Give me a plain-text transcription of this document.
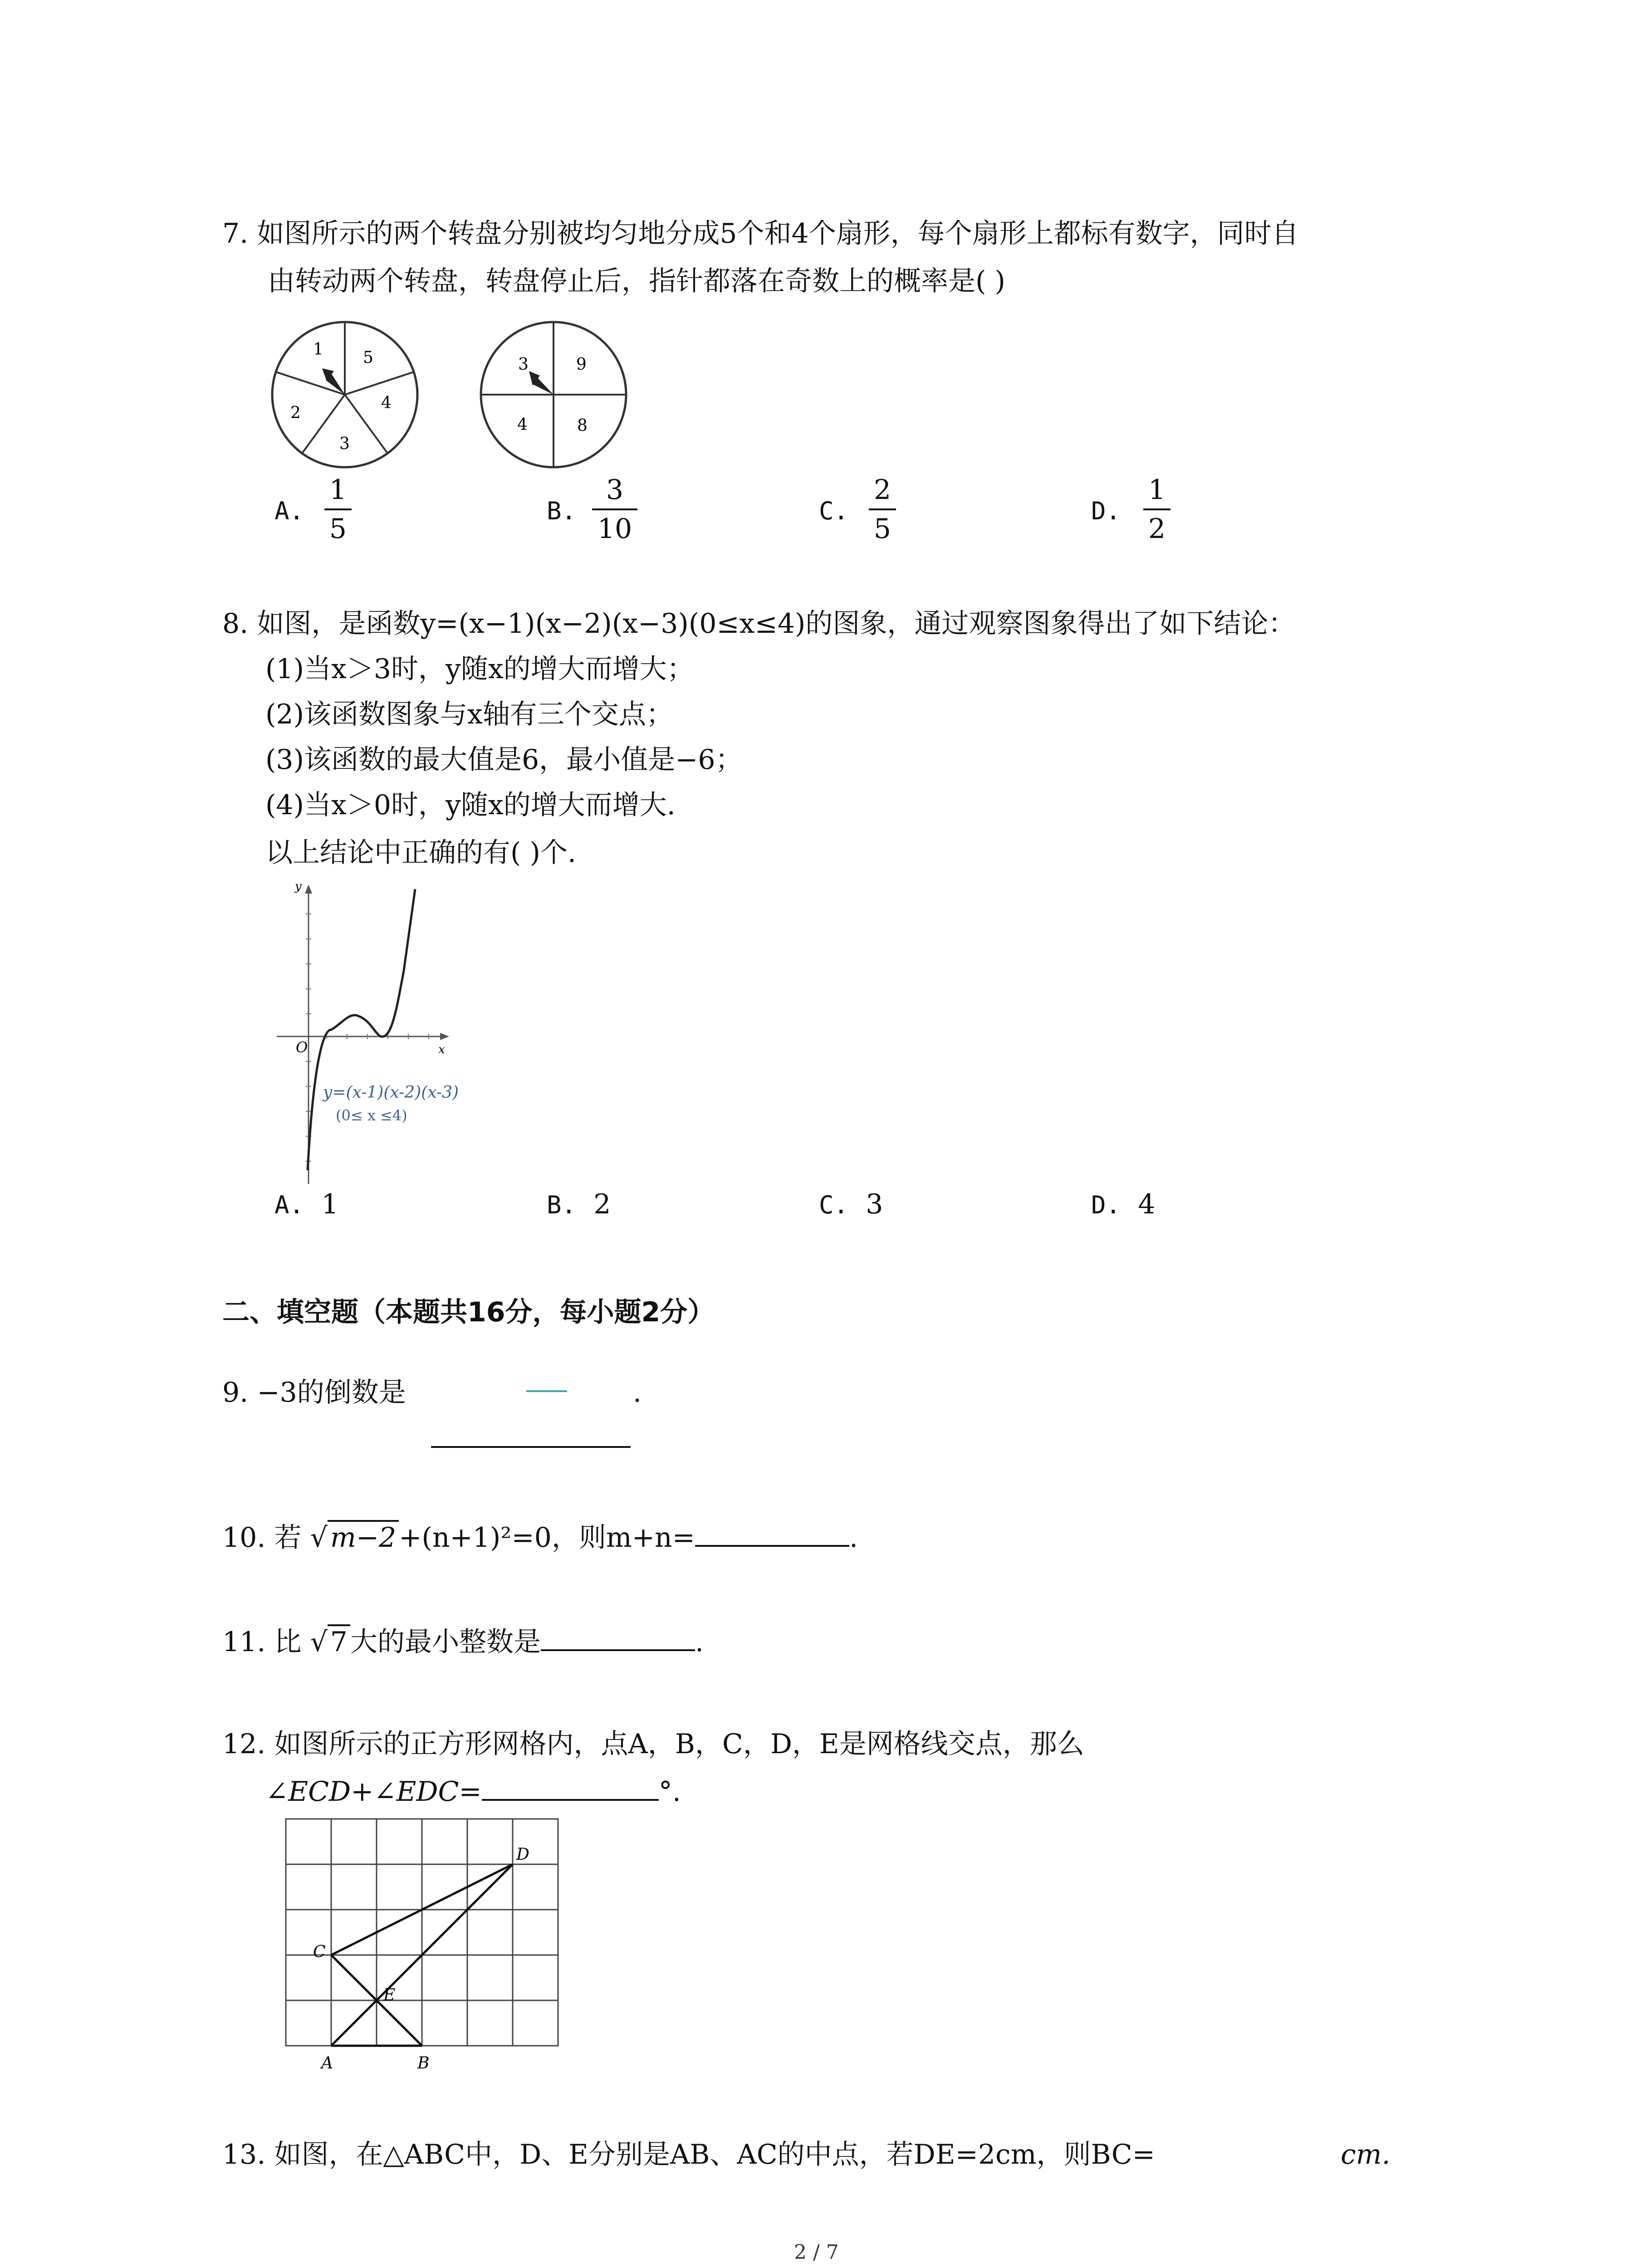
7. 如图所示的两个转盘分别被均匀地分成5个和4个扇形，每个扇形上都标有数字，同时自
由转动两个转盘，转盘停止后，指针都落在奇数上的概率是( )
1 5
4
3
2
3	9
8
4
A.
1
5
B.
3
10
C.
2
5
D.
1
2
8. 如图，是函数y=(x−1)(x−2)(x−3)(0≤x≤4)的图象，通过观察图象得出了如下结论：
(1)当x＞3时，y随x的增大而增大；
(2)该函数图象与x轴有三个交点；
(3)该函数的最大值是6，最小值是−6；
(4)当x＞0时，y随x的增大而增大.
以上结论中正确的有( )个.
y
x
O
y=(x-1)(x-2)(x-3)
(0≤ x ≤4)
A. 1	B. 2	C. 3	D. 4
二、填空题（本题共16分，每小题2分）
9. −3的倒数是	.
10. 若 √ m−2 +(n+1)²=0，则m+n=	.
11. 比 √ 7 大的最小整数是	.
12. 如图所示的正方形网格内，点A，B，C，D，E是网格线交点，那么
∠ECD+∠EDC=	°.
C
D
E
A	B
13. 如图，在△ABC中，D、E分别是AB、AC的中点，若DE=2cm，则BC=	cm.
2 / 7
